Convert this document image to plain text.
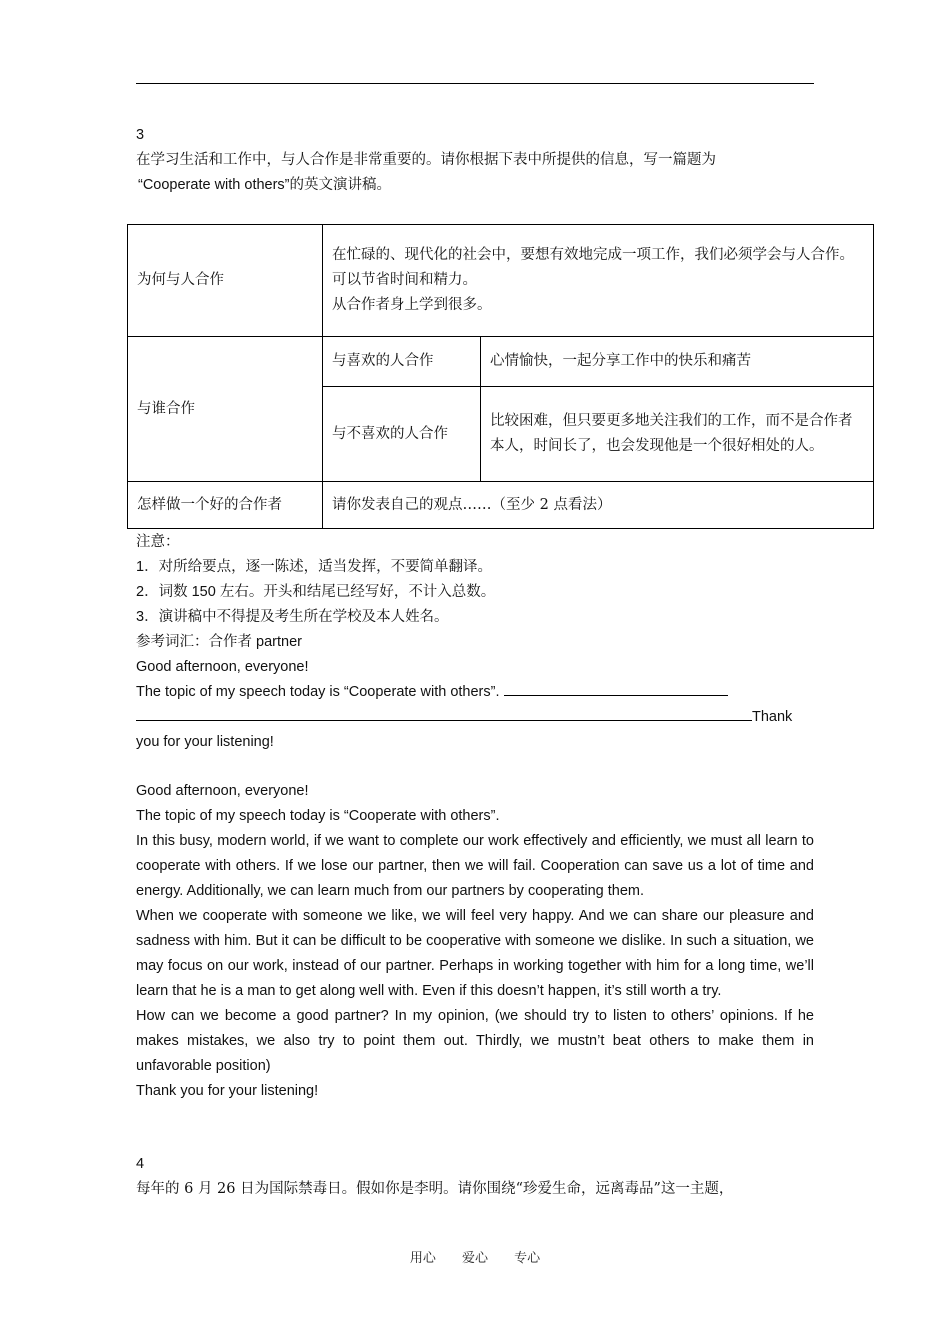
3

在学习生活和工作中，与人合作是非常重要的。请你根据下表中所提供的信息，写一篇题为

“Cooperate with others”的英文演讲稿。

为何与人合作	在忙碌的、现代化的社会中，要想有效地完成一项工作，我们必须学会与人合作。
可以节省时间和精力。
从合作者身上学到很多。	

与谁合作	与喜欢的人合作	心情愉快，一起分享工作中的快乐和痛苦
	与不喜欢的人合作	比较困难，但只要更多地关注我们的工作，而不是合作者本人，时间长了，也会发现他是一个很好相处的人。
怎样做一个好的合作者	请你发表自己的观点……（至少 2 点看法）	

注意：

1．对所给要点，逐一陈述，适当发挥，不要简单翻译。

2．词数 150 左右。开头和结尾已经写好，不计入总数。

3．演讲稿中不得提及考生所在学校及本人姓名。

参考词汇：合作者 partner

Good afternoon, everyone!

The topic of my speech today is “Cooperate with others”.

Thank

you for your listening!

Good afternoon, everyone!

The topic of my speech today is “Cooperate with others”.

In this busy, modern world, if we want to complete our work effectively and efficiently, we must all learn to cooperate with others. If we lose our partner, then we will fail. Cooperation can save us a lot of time and energy. Additionally, we can learn much from our partners by cooperating them.

When we cooperate with someone we like, we will feel very happy. And we can share our pleasure and sadness with him. But it can be difficult to be cooperative with someone we dislike. In such a situation, we may focus on our work, instead of our partner. Perhaps in working together with him for a long time, we’ll learn that he is a man to get along well with. Even if this doesn’t happen, it’s still worth a try.

How can we become a good partner? In my opinion, (we should try to listen to others’ opinions. If he makes mistakes, we also try to point them out. Thirdly, we mustn’t beat others to make them in unfavorable position)

Thank you for your listening!

4

每年的 6 月 26 日为国际禁毒日。假如你是李明。请你围绕“珍爱生命，远离毒品”这一主题，

用心 爱心 专心
